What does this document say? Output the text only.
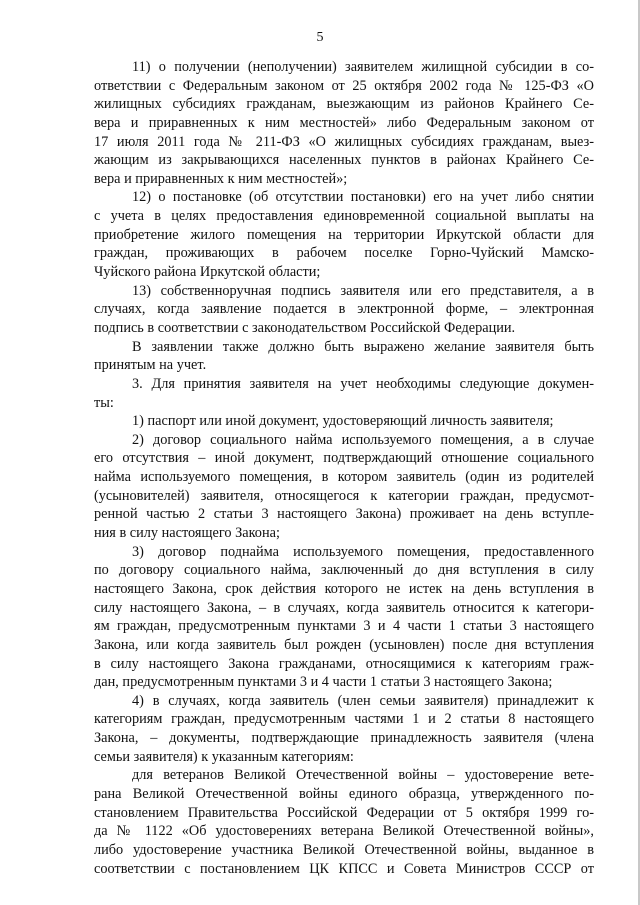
5
11) о получении (неполучении) заявителем жилищной субсидии в со-
ответствии с Федеральным законом от 25 октября 2002 года № 125-ФЗ «О
жилищных субсидиях гражданам, выезжающим из районов Крайнего Се-
вера и приравненных к ним местностей» либо Федеральным законом от
17 июля 2011 года № 211-ФЗ «О жилищных субсидиях гражданам, выез-
жающим из закрывающихся населенных пунктов в районах Крайнего Се-
вера и приравненных к ним местностей»;
12) о постановке (об отсутствии постановки) его на учет либо снятии
с учета в целях предоставления единовременной социальной выплаты на
приобретение жилого помещения на территории Иркутской области для
граждан, проживающих в рабочем поселке Горно-Чуйский Мамско-
Чуйского района Иркутской области;
13) собственноручная подпись заявителя или его представителя, а в
случаях, когда заявление подается в электронной форме, – электронная
подпись в соответствии с законодательством Российской Федерации.
В заявлении также должно быть выражено желание заявителя быть
принятым на учет.
3. Для принятия заявителя на учет необходимы следующие докумен-
ты:
1) паспорт или иной документ, удостоверяющий личность заявителя;
2) договор социального найма используемого помещения, а в случае
его отсутствия – иной документ, подтверждающий отношение социального
найма используемого помещения, в котором заявитель (один из родителей
(усыновителей) заявителя, относящегося к категории граждан, предусмот-
ренной частью 2 статьи 3 настоящего Закона) проживает на день вступле-
ния в силу настоящего Закона;
3) договор поднайма используемого помещения, предоставленного
по договору социального найма, заключенный до дня вступления в силу
настоящего Закона, срок действия которого не истек на день вступления в
силу настоящего Закона, – в случаях, когда заявитель относится к категори-
ям граждан, предусмотренным пунктами 3 и 4 части 1 статьи 3 настоящего
Закона, или когда заявитель был рожден (усыновлен) после дня вступления
в силу настоящего Закона гражданами, относящимися к категориям граж-
дан, предусмотренным пунктами 3 и 4 части 1 статьи 3 настоящего Закона;
4) в случаях, когда заявитель (член семьи заявителя) принадлежит к
категориям граждан, предусмотренным частями 1 и 2 статьи 8 настоящего
Закона, – документы, подтверждающие принадлежность заявителя (члена
семьи заявителя) к указанным категориям:
для ветеранов Великой Отечественной войны – удостоверение вете-
рана Великой Отечественной войны единого образца, утвержденного по-
становлением Правительства Российской Федерации от 5 октября 1999 го-
да № 1122 «Об удостоверениях ветерана Великой Отечественной войны»,
либо удостоверение участника Великой Отечественной войны, выданное в
соответствии с постановлением ЦК КПСС и Совета Министров СССР от
